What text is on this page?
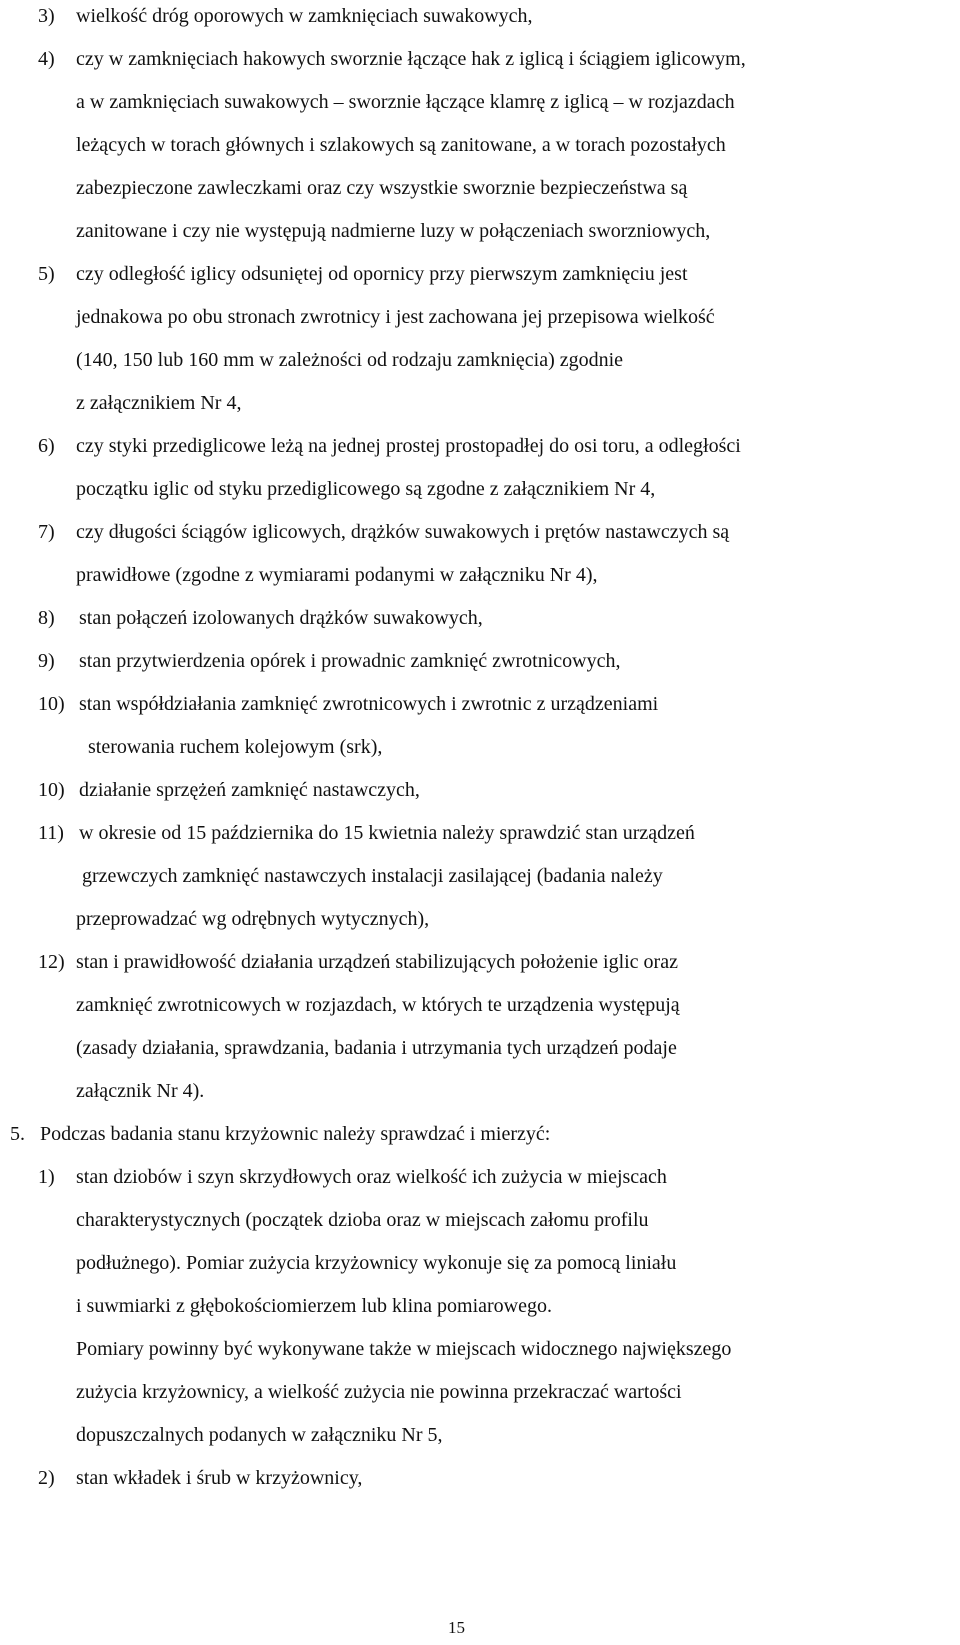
3) wielkość dróg oporowych w zamknięciach suwakowych,
4) czy w zamknięciach hakowych sworznie łączące hak z iglicą i ściągiem iglicowym,
a w zamknięciach suwakowych – sworznie łączące klamrę z iglicą – w rozjazdach
leżących w torach głównych i szlakowych są zanitowane, a w torach pozostałych
zabezpieczone zawleczkami oraz czy wszystkie sworznie bezpieczeństwa są
zanitowane i czy nie występują nadmierne luzy w połączeniach sworzniowych,
5) czy odległość iglicy odsuniętej od opornicy przy pierwszym zamknięciu jest
jednakowa po obu stronach zwrotnicy i jest zachowana jej przepisowa wielkość
(140, 150 lub 160 mm w zależności od rodzaju zamknięcia) zgodnie
z załącznikiem Nr 4,
6) czy styki przediglicowe leżą na jednej prostej prostopadłej do osi toru, a odległości
początku iglic od styku przediglicowego są zgodne z załącznikiem Nr 4,
7) czy długości ściągów iglicowych, drążków suwakowych i prętów nastawczych są
prawidłowe (zgodne z wymiarami podanymi w załączniku Nr 4),
8) stan połączeń izolowanych drążków suwakowych,
9) stan przytwierdzenia opórek i prowadnic zamknięć zwrotnicowych,
10) stan współdziałania zamknięć zwrotnicowych i zwrotnic z urządzeniami
sterowania ruchem kolejowym (srk),
10) działanie sprzężeń zamknięć nastawczych,
11) w okresie od 15 października do 15 kwietnia należy sprawdzić stan urządzeń
grzewczych zamknięć nastawczych instalacji zasilającej (badania należy
przeprowadzać wg odrębnych wytycznych),
12) stan i prawidłowość działania urządzeń stabilizujących położenie iglic oraz
zamknięć zwrotnicowych w rozjazdach, w których te urządzenia występują
(zasady działania, sprawdzania, badania i utrzymania tych urządzeń podaje
załącznik Nr 4).
5. Podczas badania stanu krzyżownic należy sprawdzać i mierzyć:
1) stan dziobów i szyn skrzydłowych oraz wielkość ich zużycia w miejscach
charakterystycznych (początek dzioba oraz w miejscach załomu profilu
podłużnego). Pomiar zużycia krzyżownicy wykonuje się za pomocą liniału
i suwmiarki z głębokościomierzem lub klina pomiarowego.
Pomiary powinny być wykonywane także w miejscach widocznego największego
zużycia krzyżownicy, a wielkość zużycia nie powinna przekraczać wartości
dopuszczalnych podanych w załączniku Nr 5,
2) stan wkładek i śrub w krzyżownicy,
15
